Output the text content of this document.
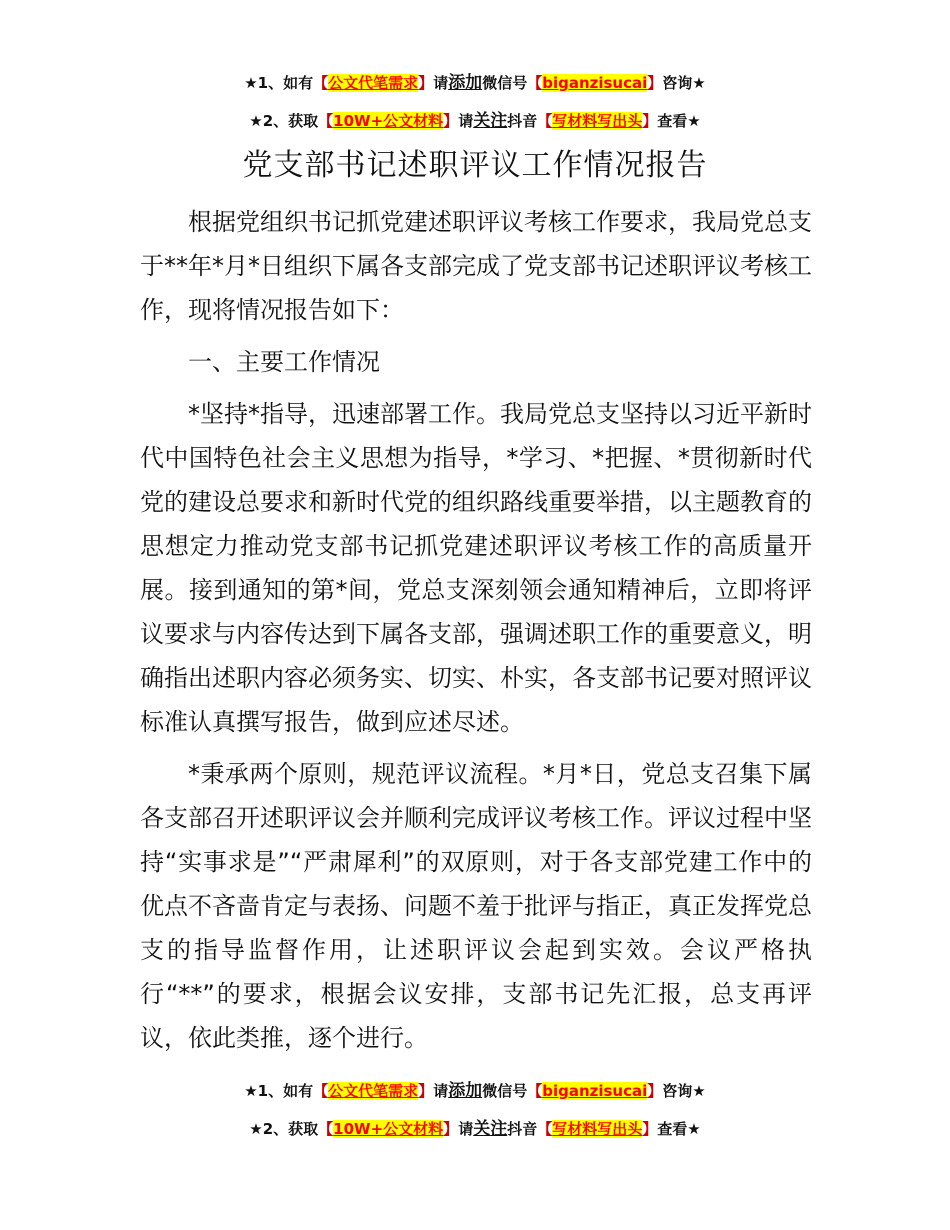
★1、如有【公文代笔需求】请添加微信号【biganzisucai】咨询★
★2、获取【10W+公文材料】请关注抖音【写材料写出头】查看★
党支部书记述职评议工作情况报告

根据党组织书记抓党建述职评议考核工作要求，我局党总支于**年*月*日组织下属各支部完成了党支部书记述职评议考核工作，现将情况报告如下：

一、主要工作情况

*坚持*指导，迅速部署工作。我局党总支坚持以习近平新时代中国特色社会主义思想为指导，*学习、*把握、*贯彻新时代党的建设总要求和新时代党的组织路线重要举措，以主题教育的思想定力推动党支部书记抓党建述职评议考核工作的高质量开展。接到通知的第*间，党总支深刻领会通知精神后，立即将评议要求与内容传达到下属各支部，强调述职工作的重要意义，明确指出述职内容必须务实、切实、朴实，各支部书记要对照评议标准认真撰写报告，做到应述尽述。

*秉承两个原则，规范评议流程。*月*日，党总支召集下属各支部召开述职评议会并顺利完成评议考核工作。评议过程中坚持“实事求是”“严肃犀利”的双原则，对于各支部党建工作中的优点不吝啬肯定与表扬、问题不羞于批评与指正，真正发挥党总支的指导监督作用，让述职评议会起到实效。会议严格执行“**”的要求，根据会议安排，支部书记先汇报，总支再评议，依此类推，逐个进行。

★1、如有【公文代笔需求】请添加微信号【biganzisucai】咨询★
★2、获取【10W+公文材料】请关注抖音【写材料写出头】查看★
